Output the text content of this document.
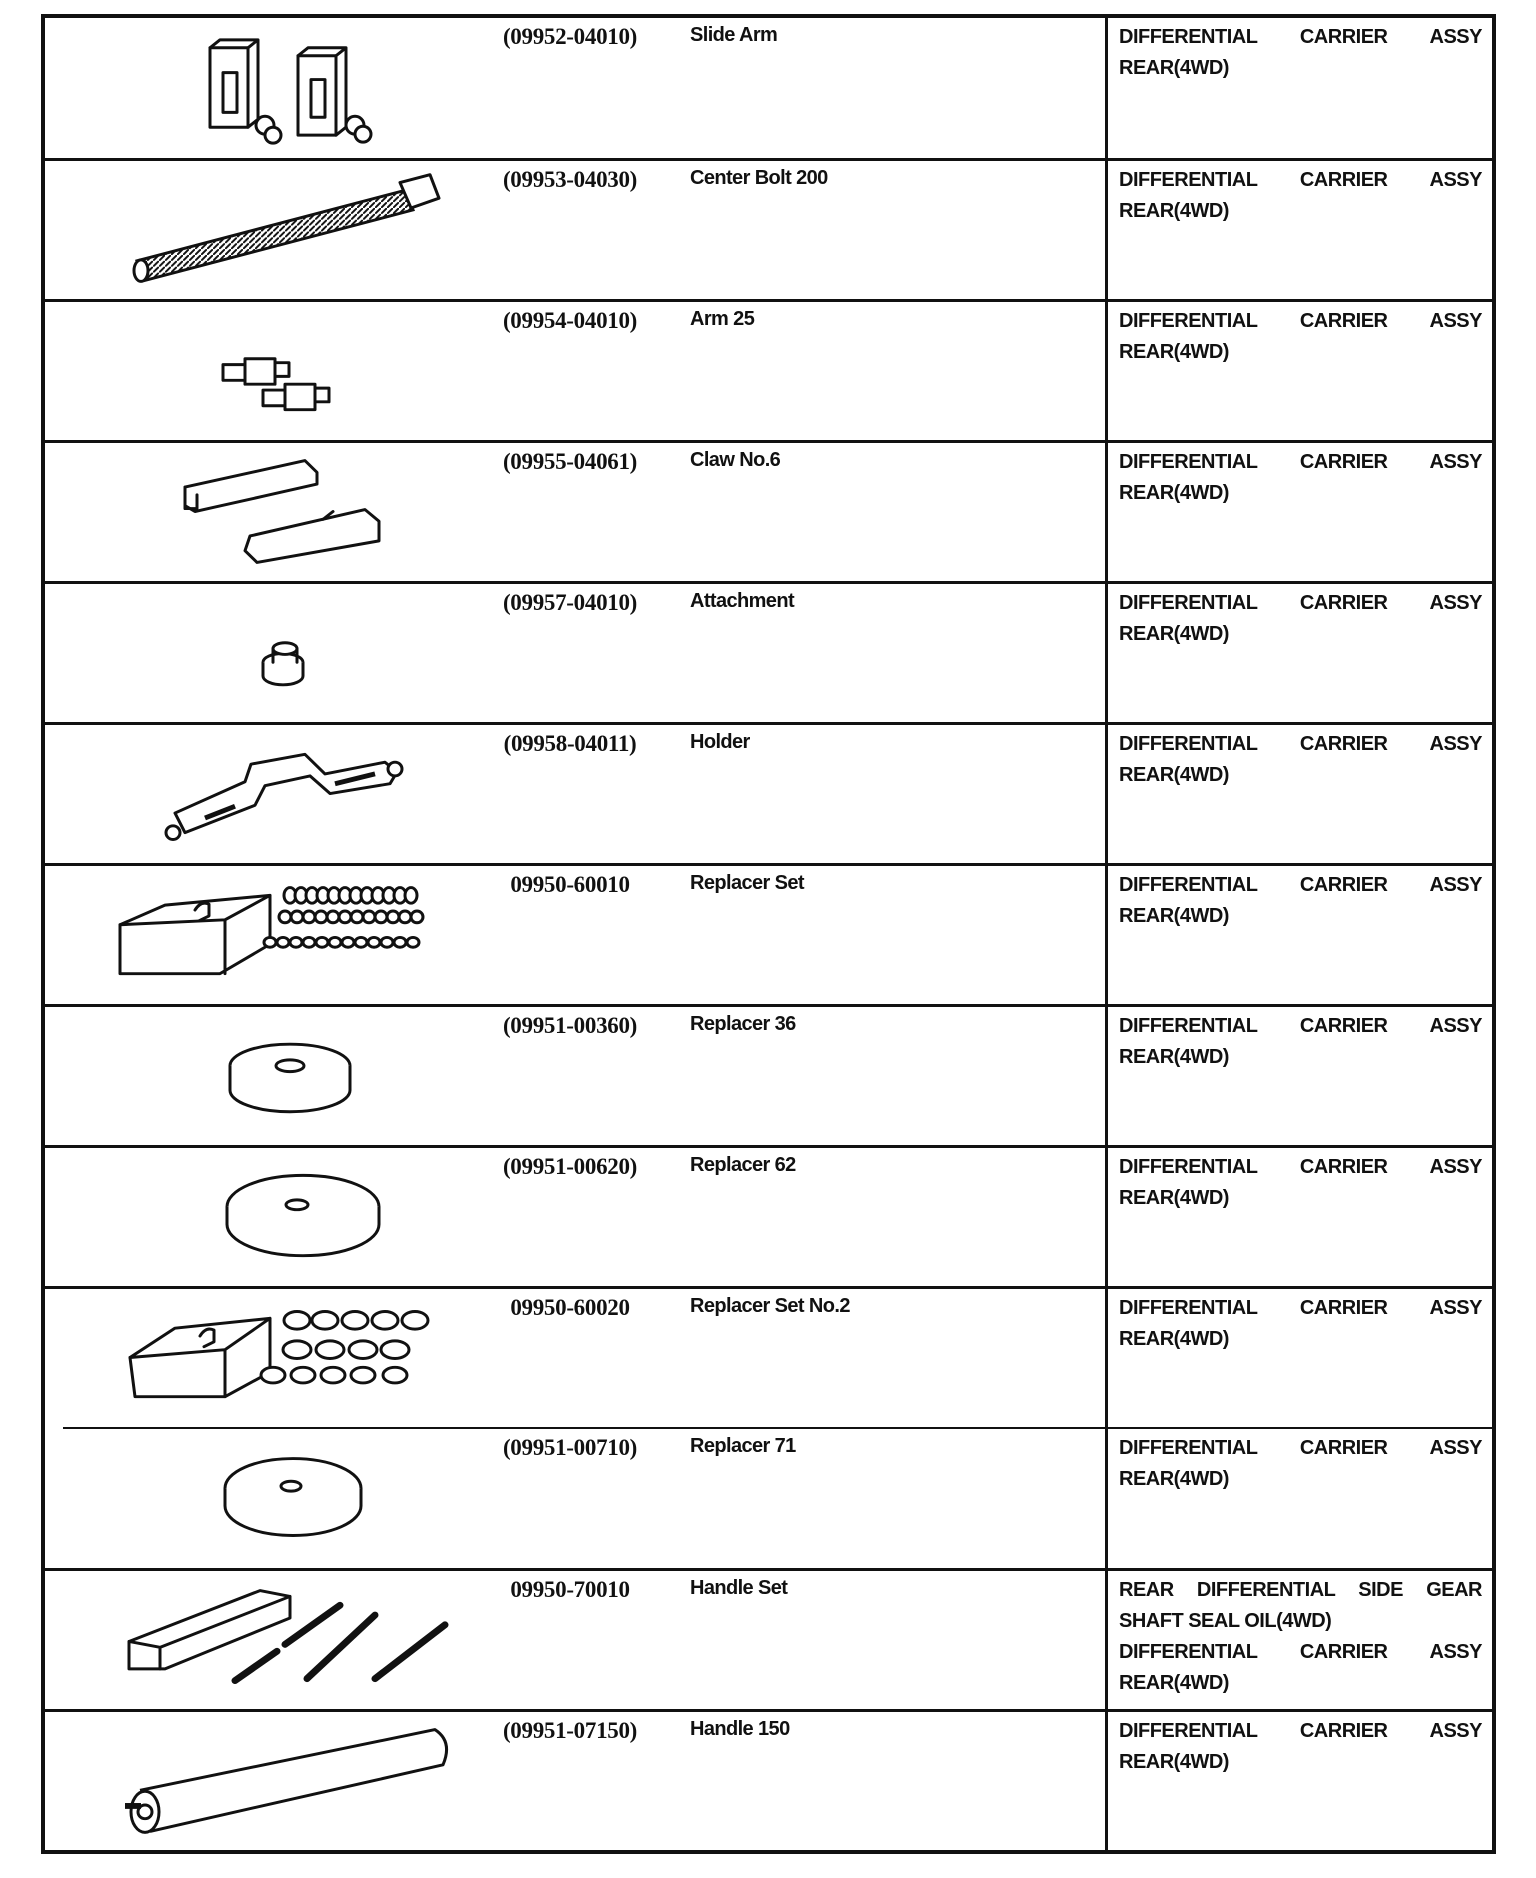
(09952-04010)	Slide Arm	DIFFERENTIAL CARRIER ASSY

REAR(4WD)

(09953-04030)	Center Bolt 200	DIFFERENTIAL CARRIER ASSY

REAR(4WD)

(09954-04010)	Arm 25	DIFFERENTIAL CARRIER ASSY

REAR(4WD)

(09955-04061)	Claw No.6	DIFFERENTIAL CARRIER ASSY

REAR(4WD)

(09957-04010)	Attachment	DIFFERENTIAL CARRIER ASSY

REAR(4WD)

(09958-04011)	Holder	DIFFERENTIAL CARRIER ASSY

REAR(4WD)

09950-60010	Replacer Set	DIFFERENTIAL CARRIER ASSY

REAR(4WD)

(09951-00360)	Replacer 36	DIFFERENTIAL CARRIER ASSY

REAR(4WD)

(09951-00620)	Replacer 62	DIFFERENTIAL CARRIER ASSY

REAR(4WD)

09950-60020	Replacer Set No.2	DIFFERENTIAL CARRIER ASSY

REAR(4WD)

(09951-00710)	Replacer 71	DIFFERENTIAL CARRIER ASSY

REAR(4WD)

09950-70010	Handle Set	REAR DIFFERENTIAL SIDE GEAR

SHAFT SEAL OIL(4WD)

DIFFERENTIAL CARRIER ASSY

REAR(4WD)

(09951-07150)	Handle 150	DIFFERENTIAL CARRIER ASSY

REAR(4WD)
